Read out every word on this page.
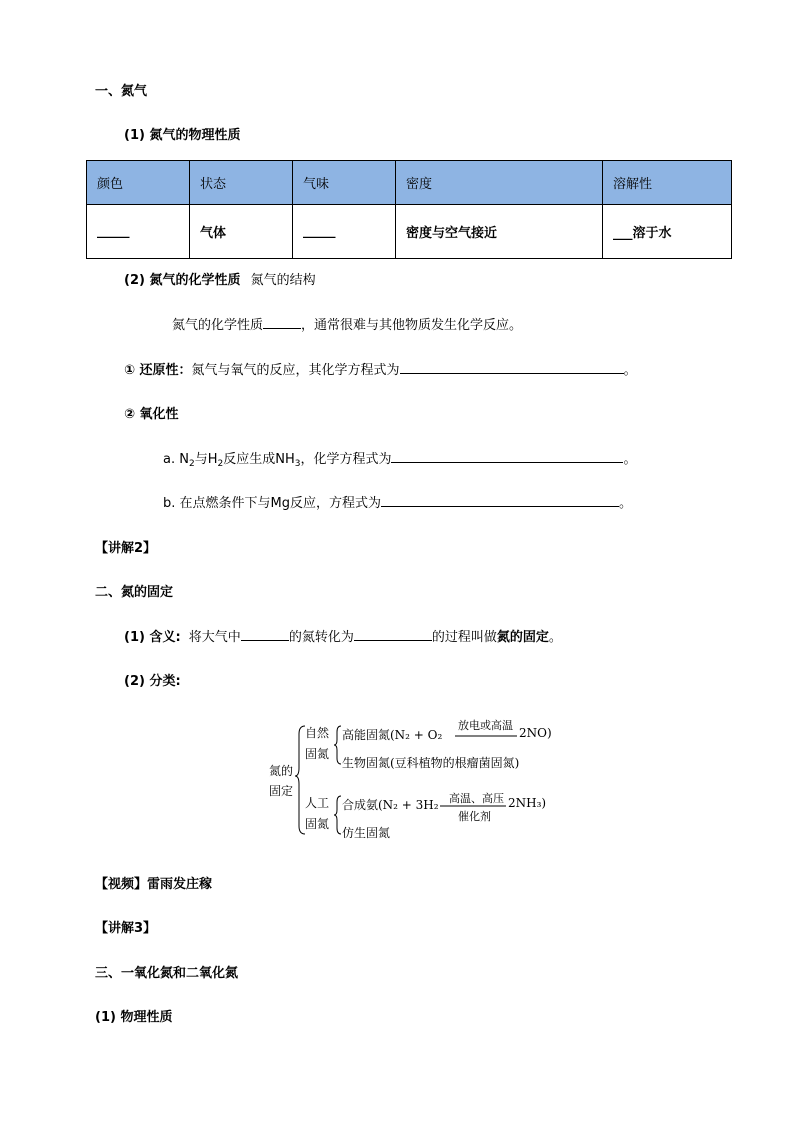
一、氮气
(1) 氮气的物理性质
颜色	状态	气味	密度	溶解性
_____	气体	_____	密度与空气接近	___溶于水
(2) 氮气的化学性质 氮气的结构
氮气的化学性质	，通常很难与其他物质发生化学反应。
① 还原性：氮气与氧气的反应，其化学方程式为	。
② 氧化性
a. $N_2$与$H_2$反应生成$NH_3$，化学方程式为	。
b. 在点燃条件下与Mg反应，方程式为	。
【讲解2】
二、氮的固定
(1) 含义: 将大气中	的氮转化为	的过程叫做氮的固定。
(2) 分类:
氮的
固定
自然
固氮
人工
固氮
高能固氮(N₂ + O₂
放电或高温
2NO)
生物固氮(豆科植物的根瘤菌固氮)
合成氨(N₂ + 3H₂ 高温、高压
催化剂
2NH₃)
仿生固氮
【视频】雷雨发庄稼
【讲解3】
三、一氧化氮和二氧化氮
(1) 物理性质
